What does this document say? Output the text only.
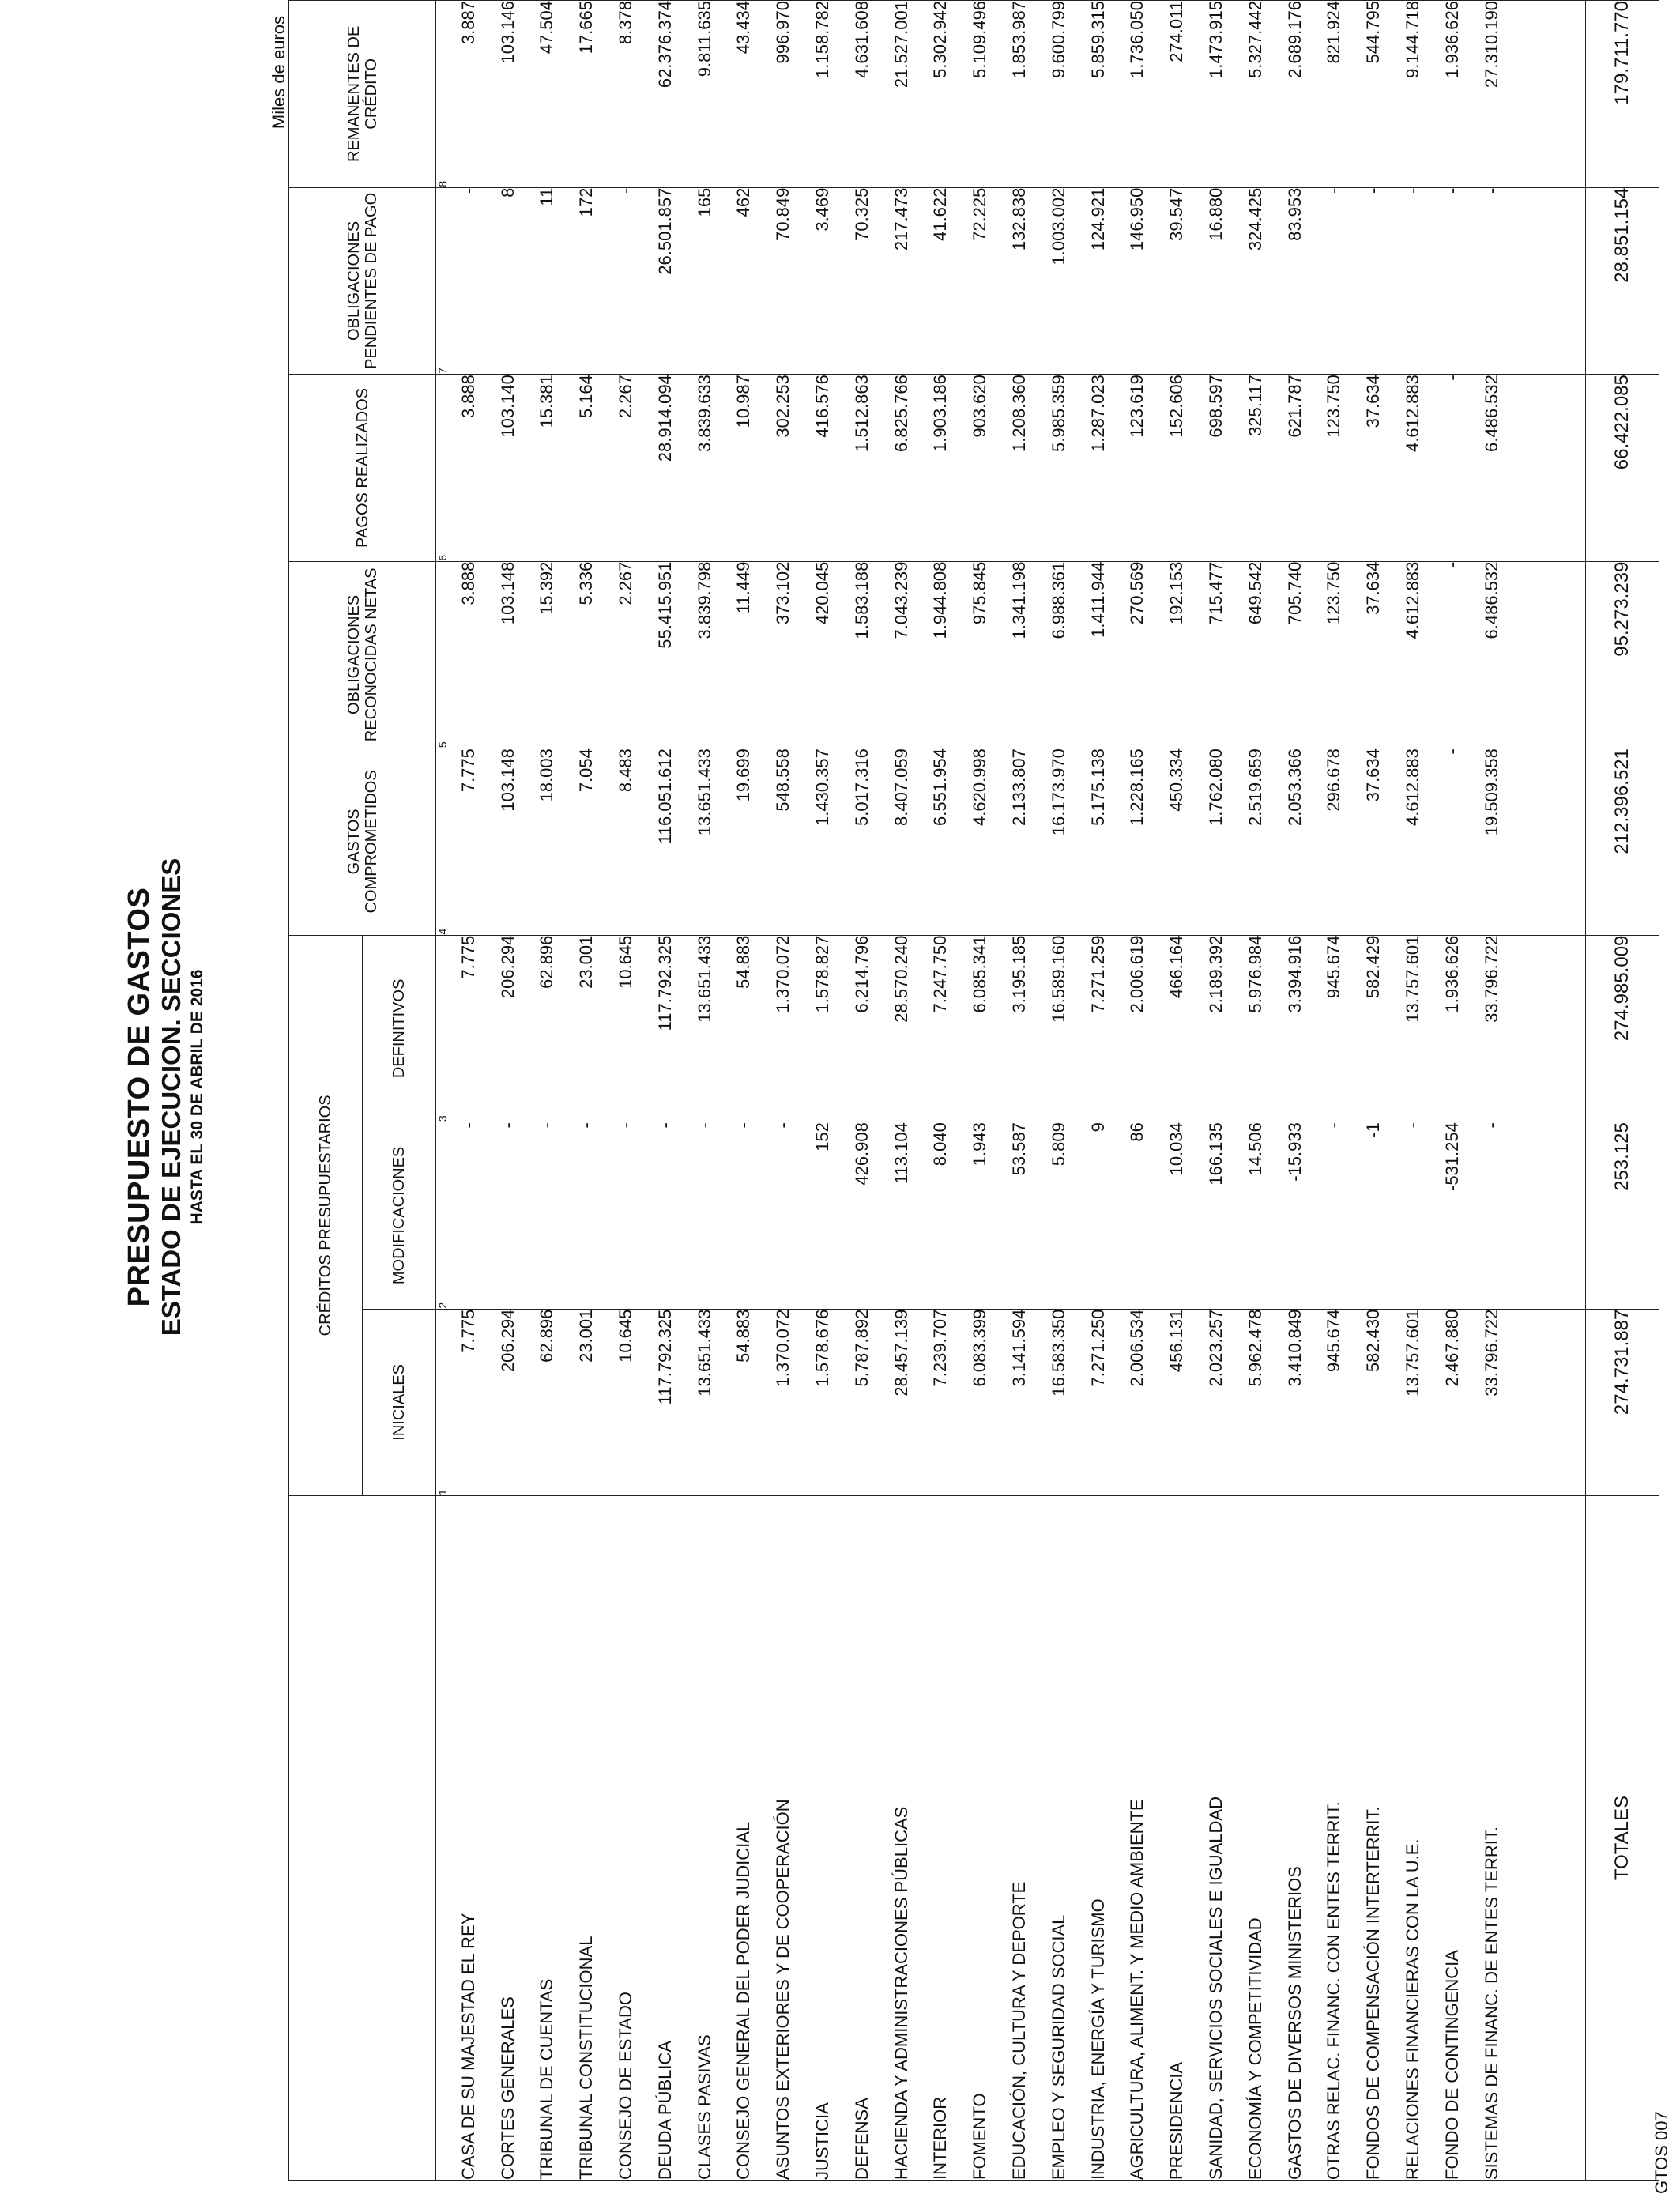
PRESUPUESTO DE GASTOS ESTADO DE EJECUCION. SECCIONES HASTA EL 30 DE ABRIL DE 2016
Miles de euros
	CRÉDITOS PRESUPUESTARIOS			GASTOS COMPROMETIDOS	OBLIGACIONES RECONOCIDAS NETAS	PAGOS REALIZADOS	OBLIGACIONES PENDIENTES DE PAGO	REMANENTES DE CRÉDITO
	INICIALES	MODIFICACIONES	DEFINITIVOS					
	1	2	3	4	5	6	7	8
CASA DE SU MAJESTAD EL REY	7.775	-	7.775	7.775	3.888	3.888	-	3.887
CORTES GENERALES	206.294	-	206.294	103.148	103.148	103.140	8	103.146
TRIBUNAL DE CUENTAS	62.896	-	62.896	18.003	15.392	15.381	11	47.504
TRIBUNAL CONSTITUCIONAL	23.001	-	23.001	7.054	5.336	5.164	172	17.665
CONSEJO DE ESTADO	10.645	-	10.645	8.483	2.267	2.267	-	8.378
DEUDA PÚBLICA	117.792.325	-	117.792.325	116.051.612	55.415.951	28.914.094	26.501.857	62.376.374
CLASES PASIVAS	13.651.433	-	13.651.433	13.651.433	3.839.798	3.839.633	165	9.811.635
CONSEJO GENERAL DEL PODER JUDICIAL	54.883	-	54.883	19.699	11.449	10.987	462	43.434
ASUNTOS EXTERIORES Y DE COOPERACIÓN	1.370.072	-	1.370.072	548.558	373.102	302.253	70.849	996.970
JUSTICIA	1.578.676	152	1.578.827	1.430.357	420.045	416.576	3.469	1.158.782
DEFENSA	5.787.892	426.908	6.214.796	5.017.316	1.583.188	1.512.863	70.325	4.631.608
HACIENDA Y ADMINISTRACIONES PÚBLICAS	28.457.139	113.104	28.570.240	8.407.059	7.043.239	6.825.766	217.473	21.527.001
INTERIOR	7.239.707	8.040	7.247.750	6.551.954	1.944.808	1.903.186	41.622	5.302.942
FOMENTO	6.083.399	1.943	6.085.341	4.620.998	975.845	903.620	72.225	5.109.496
EDUCACIÓN, CULTURA Y DEPORTE	3.141.594	53.587	3.195.185	2.133.807	1.341.198	1.208.360	132.838	1.853.987
EMPLEO Y SEGURIDAD SOCIAL	16.583.350	5.809	16.589.160	16.173.970	6.988.361	5.985.359	1.003.002	9.600.799
INDUSTRIA, ENERGÍA Y TURISMO	7.271.250	9	7.271.259	5.175.138	1.411.944	1.287.023	124.921	5.859.315
AGRICULTURA, ALIMENT. Y MEDIO AMBIENTE	2.006.534	86	2.006.619	1.228.165	270.569	123.619	146.950	1.736.050
PRESIDENCIA	456.131	10.034	466.164	450.334	192.153	152.606	39.547	274.011
SANIDAD, SERVICIOS SOCIALES E IGUALDAD	2.023.257	166.135	2.189.392	1.762.080	715.477	698.597	16.880	1.473.915
ECONOMÍA Y COMPETITIVIDAD	5.962.478	14.506	5.976.984	2.519.659	649.542	325.117	324.425	5.327.442
GASTOS DE DIVERSOS MINISTERIOS	3.410.849	-15.933	3.394.916	2.053.366	705.740	621.787	83.953	2.689.176
OTRAS RELAC. FINANC. CON ENTES TERRIT.	945.674	-	945.674	296.678	123.750	123.750	-	821.924
FONDOS DE COMPENSACIÓN INTERTERRIT.	582.430	-1	582.429	37.634	37.634	37.634	-	544.795
RELACIONES FINANCIERAS CON LA U.E.	13.757.601	-	13.757.601	4.612.883	4.612.883	4.612.883	-	9.144.718
FONDO DE CONTINGENCIA	2.467.880	-531.254	1.936.626	-	-	-	-	1.936.626
SISTEMAS DE FINANC. DE ENTES TERRIT.	33.796.722	-	33.796.722	19.509.358	6.486.532	6.486.532	-	27.310.190

TOTALES	274.731.887	253.125	274.985.009	212.396.521	95.273.239	66.422.085	28.851.154	179.711.770
GTOS 007
